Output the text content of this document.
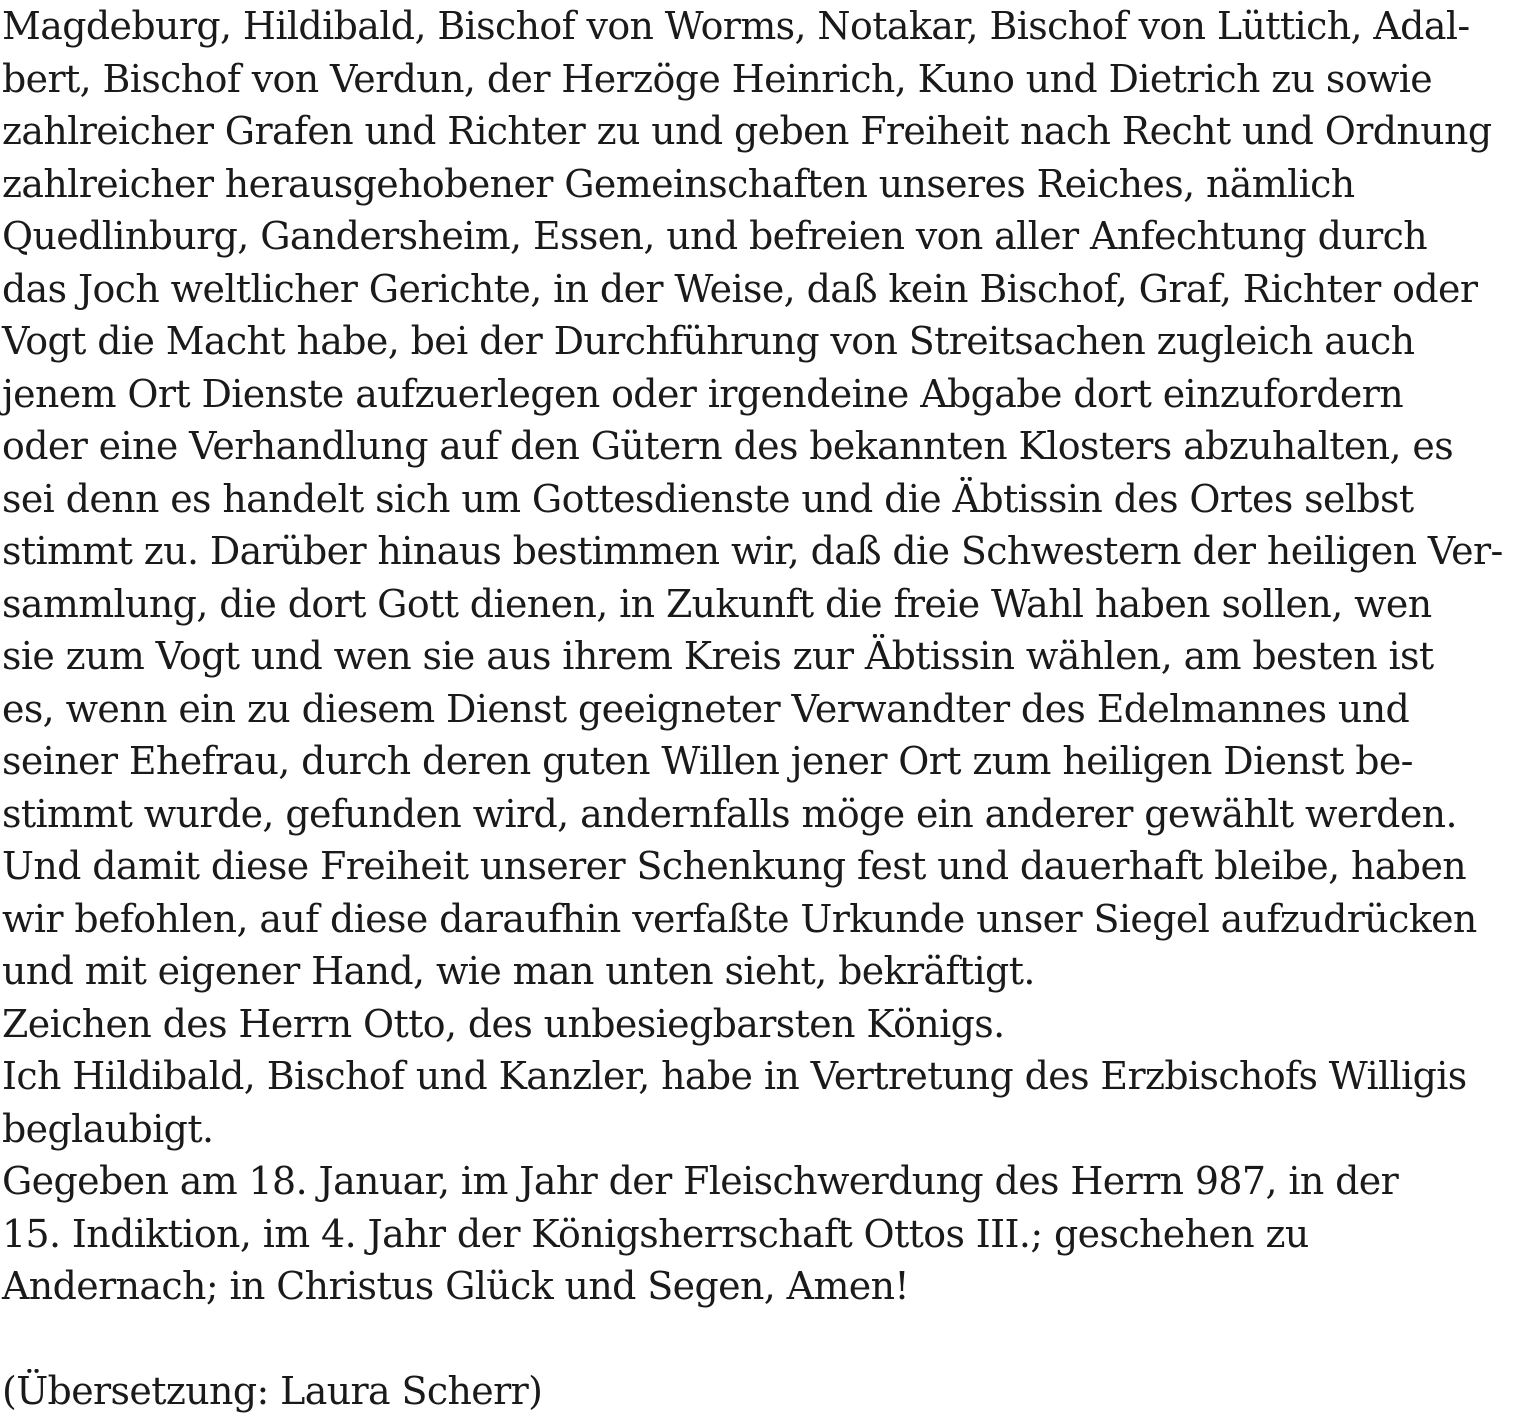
Magdeburg, Hildibald, Bischof von Worms, Notakar, Bischof von Lüttich, Adal-
bert, Bischof von Verdun, der Herzöge Heinrich, Kuno und Dietrich zu sowie
zahlreicher Grafen und Richter zu und geben Freiheit nach Recht und Ordnung
zahlreicher herausgehobener Gemeinschaften unseres Reiches, nämlich
Quedlinburg, Gandersheim, Essen, und befreien von aller Anfechtung durch
das Joch weltlicher Gerichte, in der Weise, daß kein Bischof, Graf, Richter oder
Vogt die Macht habe, bei der Durchführung von Streitsachen zugleich auch
jenem Ort Dienste aufzuerlegen oder irgendeine Abgabe dort einzufordern
oder eine Verhandlung auf den Gütern des bekannten Klosters abzuhalten, es
sei denn es handelt sich um Gottesdienste und die Äbtissin des Ortes selbst
stimmt zu. Darüber hinaus bestimmen wir, daß die Schwestern der heiligen Ver-
sammlung, die dort Gott dienen, in Zukunft die freie Wahl haben sollen, wen
sie zum Vogt und wen sie aus ihrem Kreis zur Äbtissin wählen, am besten ist
es, wenn ein zu diesem Dienst geeigneter Verwandter des Edelmannes und
seiner Ehefrau, durch deren guten Willen jener Ort zum heiligen Dienst be-
stimmt wurde, gefunden wird, andernfalls möge ein anderer gewählt werden.
Und damit diese Freiheit unserer Schenkung fest und dauerhaft bleibe, haben
wir befohlen, auf diese daraufhin verfaßte Urkunde unser Siegel aufzudrücken
und mit eigener Hand, wie man unten sieht, bekräftigt.
Zeichen des Herrn Otto, des unbesiegbarsten Königs.
Ich Hildibald, Bischof und Kanzler, habe in Vertretung des Erzbischofs Willigis
beglaubigt.
Gegeben am 18. Januar, im Jahr der Fleischwerdung des Herrn 987, in der
15. Indiktion, im 4. Jahr der Königsherrschaft Ottos III.; geschehen zu
Andernach; in Christus Glück und Segen, Amen!
(Übersetzung: Laura Scherr)
